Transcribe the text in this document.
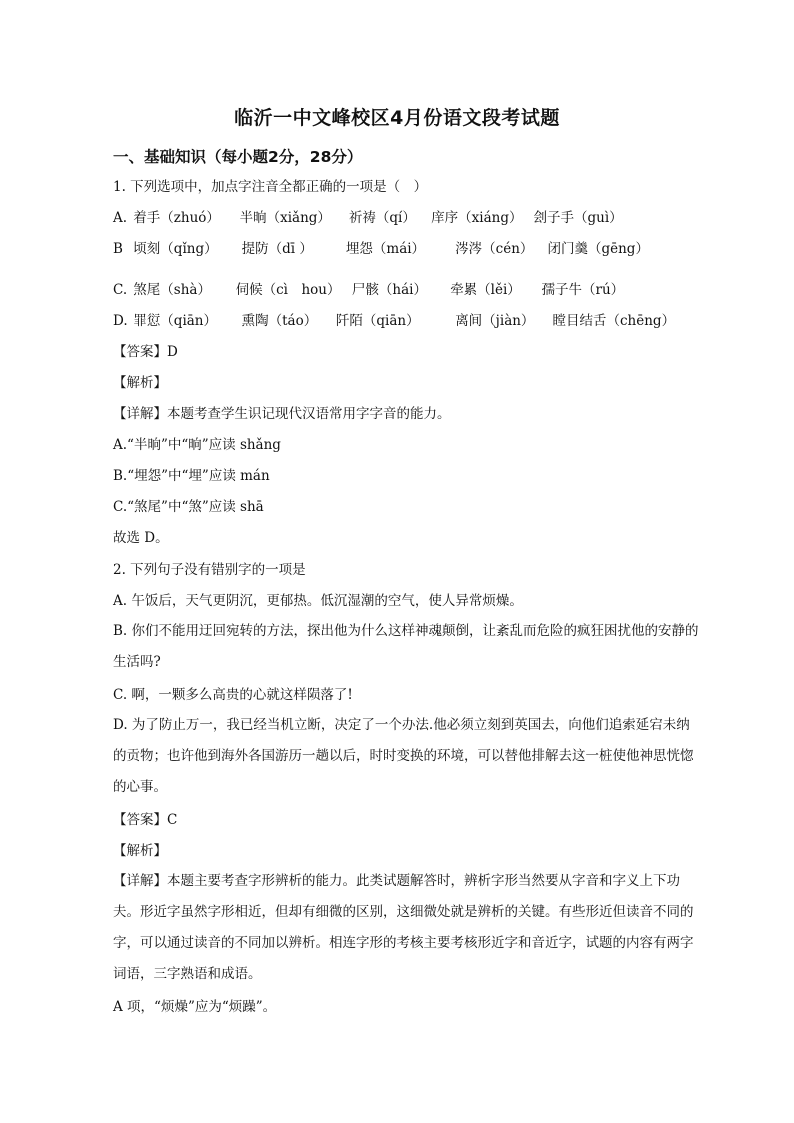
临沂一中文峰校区4月份语文段考试题
一、基础知识（每小题2分，28分）
1. 下列选项中，加点字注音全都正确的一项是（　）
A. 着手（zhuó） 半晌（xiǎng） 祈祷（qí） 庠序（xiáng） 刽子手（guì）
B 顷刻（qǐng） 提防（dī ） 埋怨（mái） 涔涔（cén） 闭门羹（gēng）
C. 煞尾（shà） 伺候（cì　hou） 尸骸（hái） 牵累（lěi） 孺子牛（rú）
D. 罪愆（qiān） 熏陶（táo） 阡陌（qiān）	离间（jiàn） 瞠目结舌（chēng）
【答案】D
【解析】
【详解】本题考查学生识记现代汉语常用字字音的能力。
A.“半晌”中“晌”应读 shǎng
B.“埋怨”中“埋”应读 mán
C.“煞尾”中“煞”应读 shā
故选 D。
2. 下列句子没有错别字的一项是
A. 午饭后，天气更阴沉，更郁热。低沉湿潮的空气，使人异常烦燥。
B. 你们不能用迂回宛转的方法，探出他为什么这样神魂颠倒，让紊乱而危险的疯狂困扰他的安静的生活吗?
C. 啊，一颗多么高贵的心就这样陨落了!
D. 为了防止万一，我已经当机立断，决定了一个办法.他必须立刻到英国去，向他们追索延宕未纳的贡物；也许他到海外各国游历一趟以后，时时变换的环境，可以替他排解去这一桩使他神思恍惚的心事。
【答案】C
【解析】
【详解】本题主要考查字形辨析的能力。此类试题解答时，辨析字形当然要从字音和字义上下功夫。形近字虽然字形相近，但却有细微的区别，这细微处就是辨析的关键。有些形近但读音不同的字，可以通过读音的不同加以辨析。相连字形的考核主要考核形近字和音近字，试题的内容有两字词语，三字熟语和成语。
A 项，“烦燥”应为“烦躁”。
